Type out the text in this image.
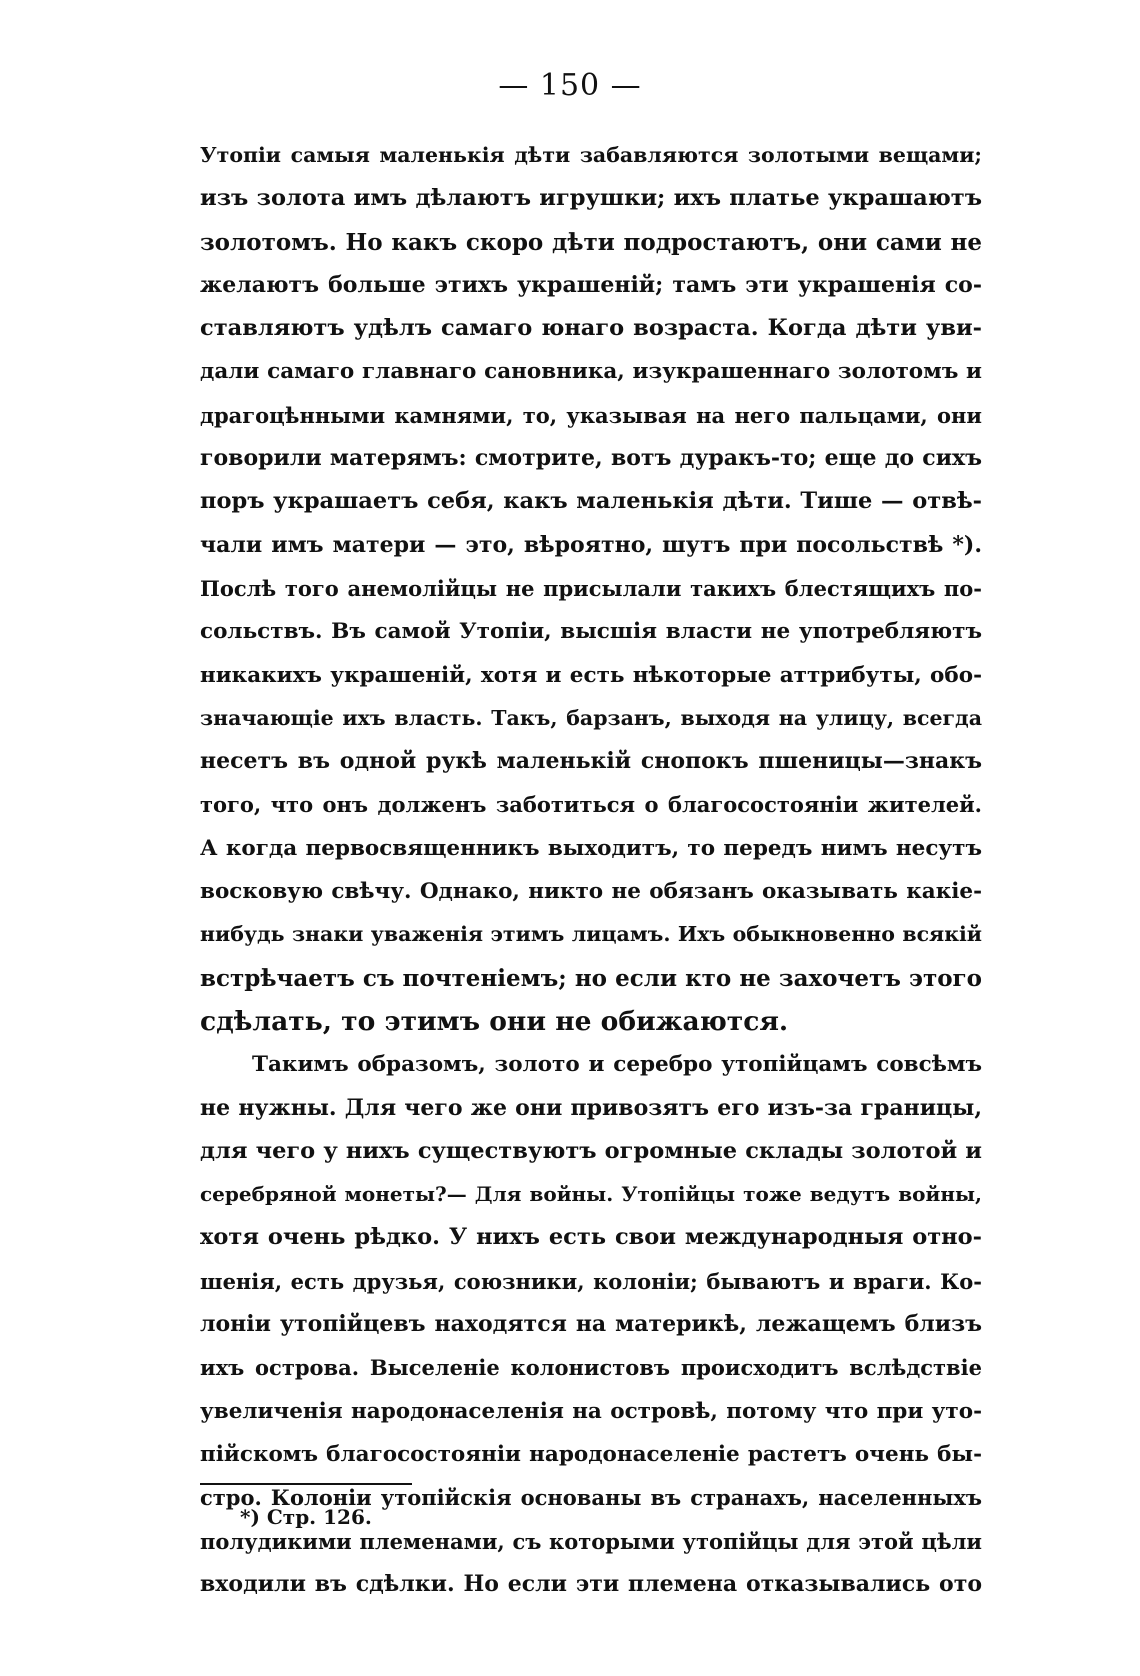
— 150 —
Утопіи самыя маленькія дѣти забавляются золотыми вещами;
изъ золота имъ дѣлаютъ игрушки; ихъ платье украшаютъ
золотомъ. Но какъ скоро дѣти подростаютъ, они сами не
желаютъ больше этихъ украшеній; тамъ эти украшенія со-
ставляютъ удѣлъ самаго юнаго возраста. Когда дѣти уви-
дали самаго главнаго сановника, изукрашеннаго золотомъ и
драгоцѣнными камнями, то, указывая на него пальцами, они
говорили матерямъ: смотрите, вотъ дуракъ-то; еще до сихъ
поръ украшаетъ себя, какъ маленькія дѣти. Тише — отвѣ-
чали имъ матери — это, вѣроятно, шутъ при посольствѣ *).
Послѣ того анемолійцы не присылали такихъ блестящихъ по-
сольствъ. Въ самой Утопіи, высшія власти не употребляютъ
никакихъ украшеній, хотя и есть нѣкоторые аттрибуты, обо-
значающіе ихъ власть. Такъ, барзанъ, выходя на улицу, всегда
несетъ въ одной рукѣ маленькій снопокъ пшеницы—знакъ
того, что онъ долженъ заботиться о благосостояніи жителей.
А когда первосвященникъ выходитъ, то передъ нимъ несутъ
восковую свѣчу. Однако, никто не обязанъ оказывать какіе-
нибудь знаки уваженія этимъ лицамъ. Ихъ обыкновенно всякій
встрѣчаетъ съ почтеніемъ; но если кто не захочетъ этого
сдѣлать, то этимъ они не обижаются.
Такимъ образомъ, золото и серебро утопійцамъ совсѣмъ
не нужны. Для чего же они привозятъ его изъ-за границы,
для чего у нихъ существуютъ огромные склады золотой и
серебряной монеты?— Для войны. Утопійцы тоже ведутъ войны,
хотя очень рѣдко. У нихъ есть свои международныя отно-
шенія, есть друзья, союзники, колоніи; бываютъ и враги. Ко-
лоніи утопійцевъ находятся на материкѣ, лежащемъ близъ
ихъ острова. Выселеніе колонистовъ происходитъ вслѣдствіе
увеличенія народонаселенія на островѣ, потому что при уто-
пійскомъ благосостояніи народонаселеніе растетъ очень бы-
стро. Колоніи утопійскія основаны въ странахъ, населенныхъ
полудикими племенами, съ которыми утопійцы для этой цѣли
входили въ сдѣлки. Но если эти племена отказывались ото
*) Стр. 126.
